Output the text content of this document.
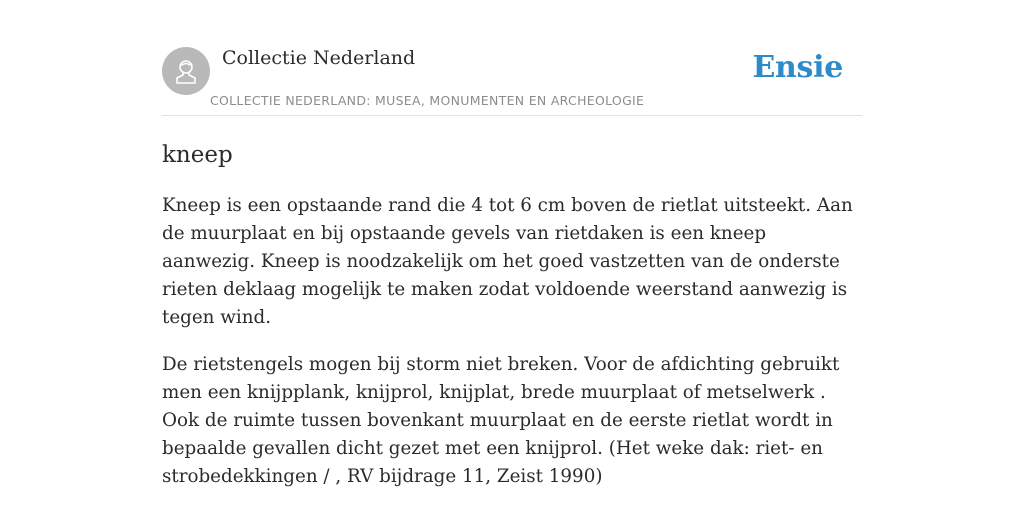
Collectie Nederland
COLLECTIE NEDERLAND: MUSEA, MONUMENTEN EN ARCHEOLOGIE
Ensie
kneep

Kneep is een opstaande rand die 4 tot 6 cm boven de rietlat uitsteekt. Aan de muurplaat en bij opstaande gevels van rietdaken is een kneep aanwezig. Kneep is noodzakelijk om het goed vastzetten van de onderste rieten deklaag mogelijk te maken zodat voldoende weerstand aanwezig is tegen wind.

De rietstengels mogen bij storm niet breken. Voor de afdichting gebruikt men een knijpplank, knijprol, knijplat, brede muurplaat of metselwerk . Ook de ruimte tussen bovenkant muurplaat en de eerste rietlat wordt in bepaalde gevallen dicht gezet met een knijprol. (Het weke dak: riet- en strobedekkingen / , RV bijdrage 11, Zeist 1990)
